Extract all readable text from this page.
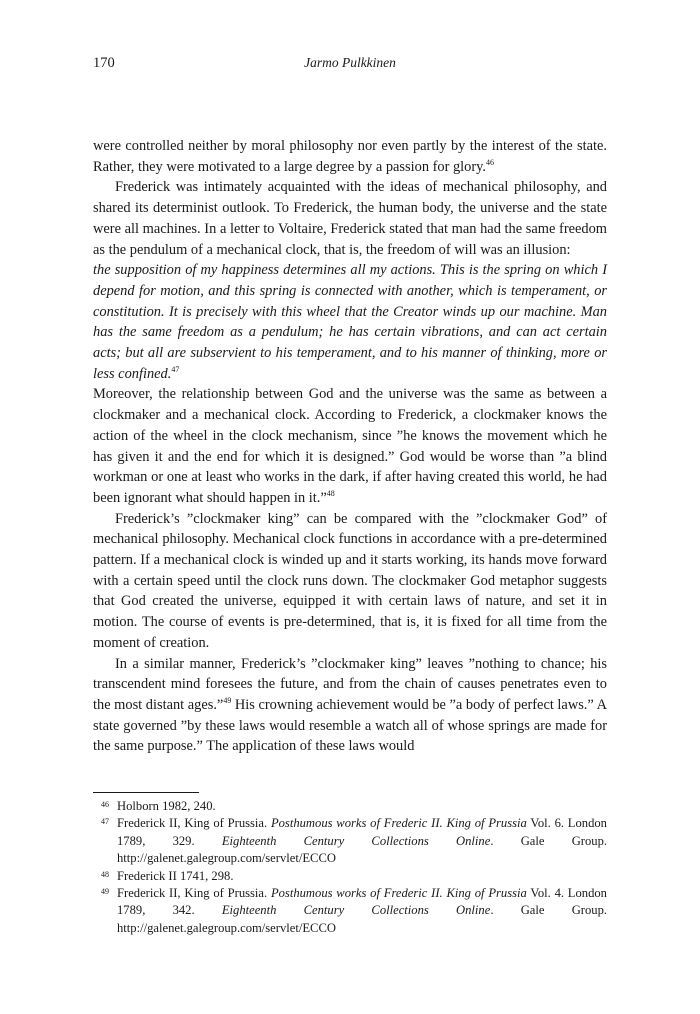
170	Jarmo Pulkkinen

were controlled neither by moral philosophy nor even partly by the interest of the state. Rather, they were motivated to a large degree by a passion for glory.$^{46}$

Frederick was intimately acquainted with the ideas of mechanical philosophy, and shared its determinist outlook. To Frederick, the human body, the universe and the state were all machines. In a letter to Voltaire, Frederick stated that man had the same freedom as the pendulum of a mechanical clock, that is, the freedom of will was an illusion:

the supposition of my happiness determines all my actions. This is the spring on which I depend for motion, and this spring is connected with another, which is temperament, or constitution. It is precisely with this wheel that the Creator winds up our machine. Man has the same freedom as a pendulum; he has certain vibrations, and can act certain acts; but all are subservient to his temperament, and to his manner of thinking, more or less confined.$^{47}$

Moreover, the relationship between God and the universe was the same as between a clockmaker and a mechanical clock. According to Frederick, a clockmaker knows the action of the wheel in the clock mechanism, since ”he knows the movement which he has given it and the end for which it is designed.” God would be worse than ”a blind workman or one at least who works in the dark, if after having created this world, he had been ignorant what should happen in it.”$^{48}$

Frederick’s ”clockmaker king” can be compared with the ”clockmaker God” of mechanical philosophy. Mechanical clock functions in accordance with a pre-determined pattern. If a mechanical clock is winded up and it starts working, its hands move forward with a certain speed until the clock runs down. The clockmaker God metaphor suggests that God created the universe, equipped it with certain laws of nature, and set it in motion. The course of events is pre-determined, that is, it is fixed for all time from the moment of creation.

In a similar manner, Frederick’s ”clockmaker king” leaves ”nothing to chance; his transcendent mind foresees the future, and from the chain of causes penetrates even to the most distant ages.”$^{49}$ His crowning achievement would be ”a body of perfect laws.” A state governed ”by these laws would resemble a watch all of whose springs are made for the same purpose.” The application of these laws would

46 Holborn 1982, 240.

47 Frederick II, King of Prussia. Posthumous works of Frederic II. King of Prussia Vol. 6. London 1789, 329. Eighteenth Century Collections Online. Gale Group. http://galenet.galegroup.com/servlet/ECCO

48 Frederick II 1741, 298.

49 Frederick II, King of Prussia. Posthumous works of Frederic II. King of Prussia Vol. 4. London 1789, 342. Eighteenth Century Collections Online. Gale Group. http://galenet.galegroup.com/servlet/ECCO
